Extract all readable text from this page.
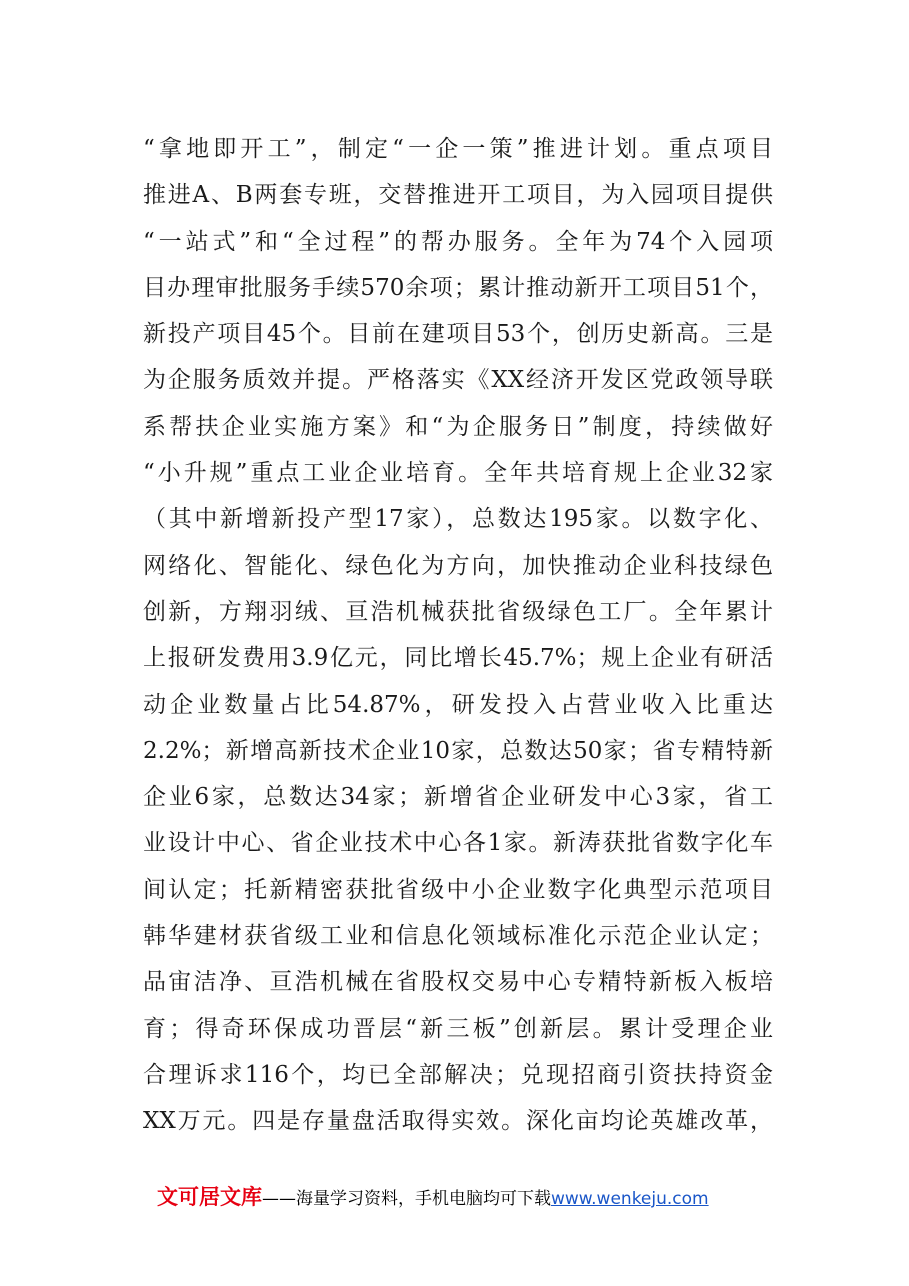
“拿地即开工”，制定“一企一策”推进计划。重点项目
推进A、B两套专班，交替推进开工项目，为入园项目提供
“一站式”和“全过程”的帮办服务。全年为74个入园项
目办理审批服务手续570余项；累计推动新开工项目51个，
新投产项目45个。目前在建项目53个，创历史新高。三是
为企服务质效并提。严格落实《XX经济开发区党政领导联
系帮扶企业实施方案》和“为企服务日”制度，持续做好
“小升规”重点工业企业培育。全年共培育规上企业32家
（其中新增新投产型17家），总数达195家。以数字化、
网络化、智能化、绿色化为方向，加快推动企业科技绿色
创新，方翔羽绒、亘浩机械获批省级绿色工厂。全年累计
上报研发费用3.9亿元，同比增长45.7%；规上企业有研活
动企业数量占比54.87%，研发投入占营业收入比重达
2.2%；新增高新技术企业10家，总数达50家；省专精特新
企业6家，总数达34家；新增省企业研发中心3家，省工
业设计中心、省企业技术中心各1家。新涛获批省数字化车
间认定；托新精密获批省级中小企业数字化典型示范项目
韩华建材获省级工业和信息化领域标准化示范企业认定；
品宙洁净、亘浩机械在省股权交易中心专精特新板入板培
育；得奇环保成功晋层“新三板”创新层。累计受理企业
合理诉求116个，均已全部解决；兑现招商引资扶持资金
XX万元。四是存量盘活取得实效。深化亩均论英雄改革，
文可居文库——海量学习资料，手机电脑均可下载www.wenkeju.com
